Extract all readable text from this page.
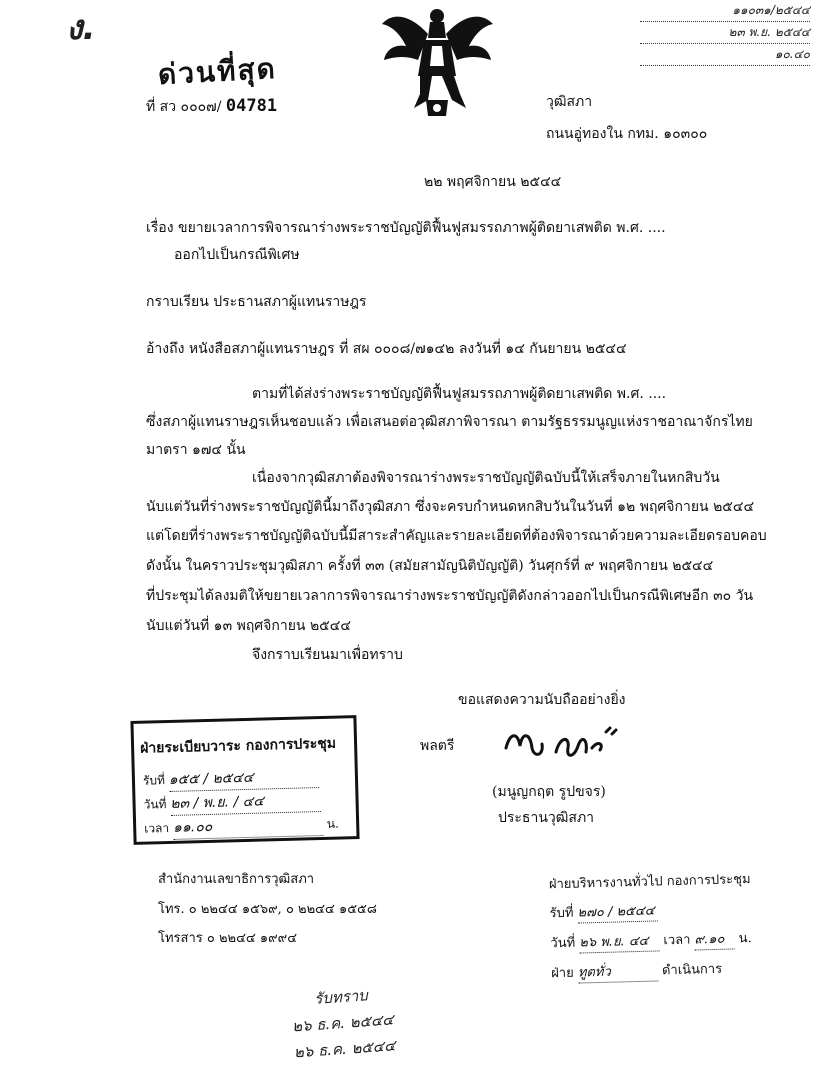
ง.
ด่วนที่สุด
ที่ สว ๐๐๐๗/ 04781
๑๑๐๓๑/๒๕๔๔
๒๓ พ.ย. ๒๕๔๔
๑๐.๔๐
วุฒิสภา
ถนนอู่ทองใน กทม. ๑๐๓๐๐
๒๒ พฤศจิกายน ๒๕๔๔
เรื่อง ขยายเวลาการพิจารณาร่างพระราชบัญญัติฟื้นฟูสมรรถภาพผู้ติดยาเสพติด พ.ศ. ....
ออกไปเป็นกรณีพิเศษ
กราบเรียน ประธานสภาผู้แทนราษฎร
อ้างถึง หนังสือสภาผู้แทนราษฎร ที่ สผ ๐๐๐๘/๗๑๔๒ ลงวันที่ ๑๔ กันยายน ๒๕๔๔
ตามที่ได้ส่งร่างพระราชบัญญัติฟื้นฟูสมรรถภาพผู้ติดยาเสพติด พ.ศ. ....
ซึ่งสภาผู้แทนราษฎรเห็นชอบแล้ว เพื่อเสนอต่อวุฒิสภาพิจารณา ตามรัฐธรรมนูญแห่งราชอาณาจักรไทย
มาตรา ๑๗๔ นั้น
เนื่องจากวุฒิสภาต้องพิจารณาร่างพระราชบัญญัติฉบับนี้ให้เสร็จภายในหกสิบวัน
นับแต่วันที่ร่างพระราชบัญญัตินี้มาถึงวุฒิสภา ซึ่งจะครบกำหนดหกสิบวันในวันที่ ๑๒ พฤศจิกายน ๒๕๔๔
แต่โดยที่ร่างพระราชบัญญัติฉบับนี้มีสาระสำคัญและรายละเอียดที่ต้องพิจารณาด้วยความละเอียดรอบคอบ
ดังนั้น ในคราวประชุมวุฒิสภา ครั้งที่ ๓๓ (สมัยสามัญนิติบัญญัติ) วันศุกร์ที่ ๙ พฤศจิกายน ๒๕๔๔
ที่ประชุมได้ลงมติให้ขยายเวลาการพิจารณาร่างพระราชบัญญัติดังกล่าวออกไปเป็นกรณีพิเศษอีก ๓๐ วัน
นับแต่วันที่ ๑๓ พฤศจิกายน ๒๕๔๔
จึงกราบเรียนมาเพื่อทราบ
ขอแสดงความนับถืออย่างยิ่ง
พลตรี
(มนูญกฤต รูปขจร)
ประธานวุฒิสภา
ฝ่ายระเบียบวาระ กองการประชุม
รับที่ ๑๕๕ / ๒๕๔๔
วันที่ ๒๓ / พ.ย. / ๔๔
เวลา ๑๑.๐๐	น.
สำนักงานเลขาธิการวุฒิสภา
โทร. ๐ ๒๒๔๔ ๑๕๖๙, ๐ ๒๒๔๔ ๑๕๕๘
โทรสาร ๐ ๒๒๔๔ ๑๙๙๔
ฝ่ายบริหารงานทั่วไป กองการประชุม
รับที่ ๒๗๐ / ๒๕๔๔
วันที่ ๒๖ พ.ย. ๔๔ เวลา ๙.๑๐ น.
ฝ่าย ทูตทั่ว	ดำเนินการ
รับทราบ
๒๖ ธ.ค. ๒๕๔๔
๒๖ ธ.ค. ๒๕๔๔
